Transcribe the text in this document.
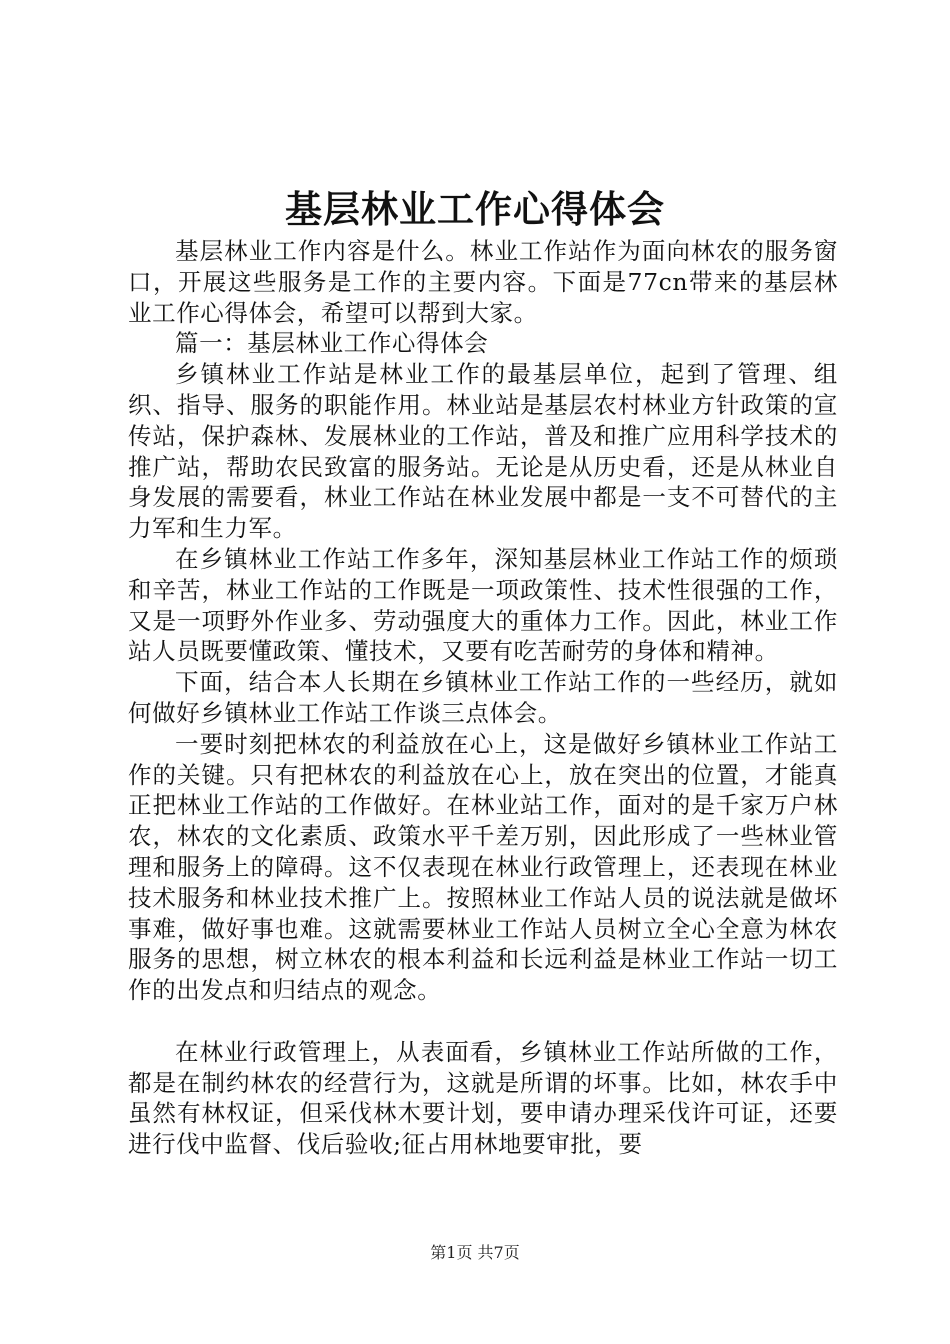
基层林业工作心得体会

基层林业工作内容是什么。林业工作站作为面向林农的服务窗口，开展这些服务是工作的主要内容。下面是77cn带来的基层林业工作心得体会，希望可以帮到大家。

篇一：基层林业工作心得体会

乡镇林业工作站是林业工作的最基层单位，起到了管理、组织、指导、服务的职能作用。林业站是基层农村林业方针政策的宣传站，保护森林、发展林业的工作站，普及和推广应用科学技术的推广站，帮助农民致富的服务站。无论是从历史看，还是从林业自身发展的需要看，林业工作站在林业发展中都是一支不可替代的主力军和生力军。

在乡镇林业工作站工作多年，深知基层林业工作站工作的烦琐和辛苦，林业工作站的工作既是一项政策性、技术性很强的工作，又是一项野外作业多、劳动强度大的重体力工作。因此，林业工作站人员既要懂政策、懂技术，又要有吃苦耐劳的身体和精神。

下面，结合本人长期在乡镇林业工作站工作的一些经历，就如何做好乡镇林业工作站工作谈三点体会。

一要时刻把林农的利益放在心上，这是做好乡镇林业工作站工作的关键。只有把林农的利益放在心上，放在突出的位置，才能真正把林业工作站的工作做好。在林业站工作，面对的是千家万户林农，林农的文化素质、政策水平千差万别，因此形成了一些林业管理和服务上的障碍。这不仅表现在林业行政管理上，还表现在林业技术服务和林业技术推广上。按照林业工作站人员的说法就是做坏事难，做好事也难。这就需要林业工作站人员树立全心全意为林农服务的思想，树立林农的根本利益和长远利益是林业工作站一切工作的出发点和归结点的观念。

在林业行政管理上，从表面看，乡镇林业工作站所做的工作，都是在制约林农的经营行为，这就是所谓的坏事。比如，林农手中虽然有林权证，但采伐林木要计划，要申请办理采伐许可证，还要进行伐中监督、伐后验收;征占用林地要审批，要

第1页 共7页
